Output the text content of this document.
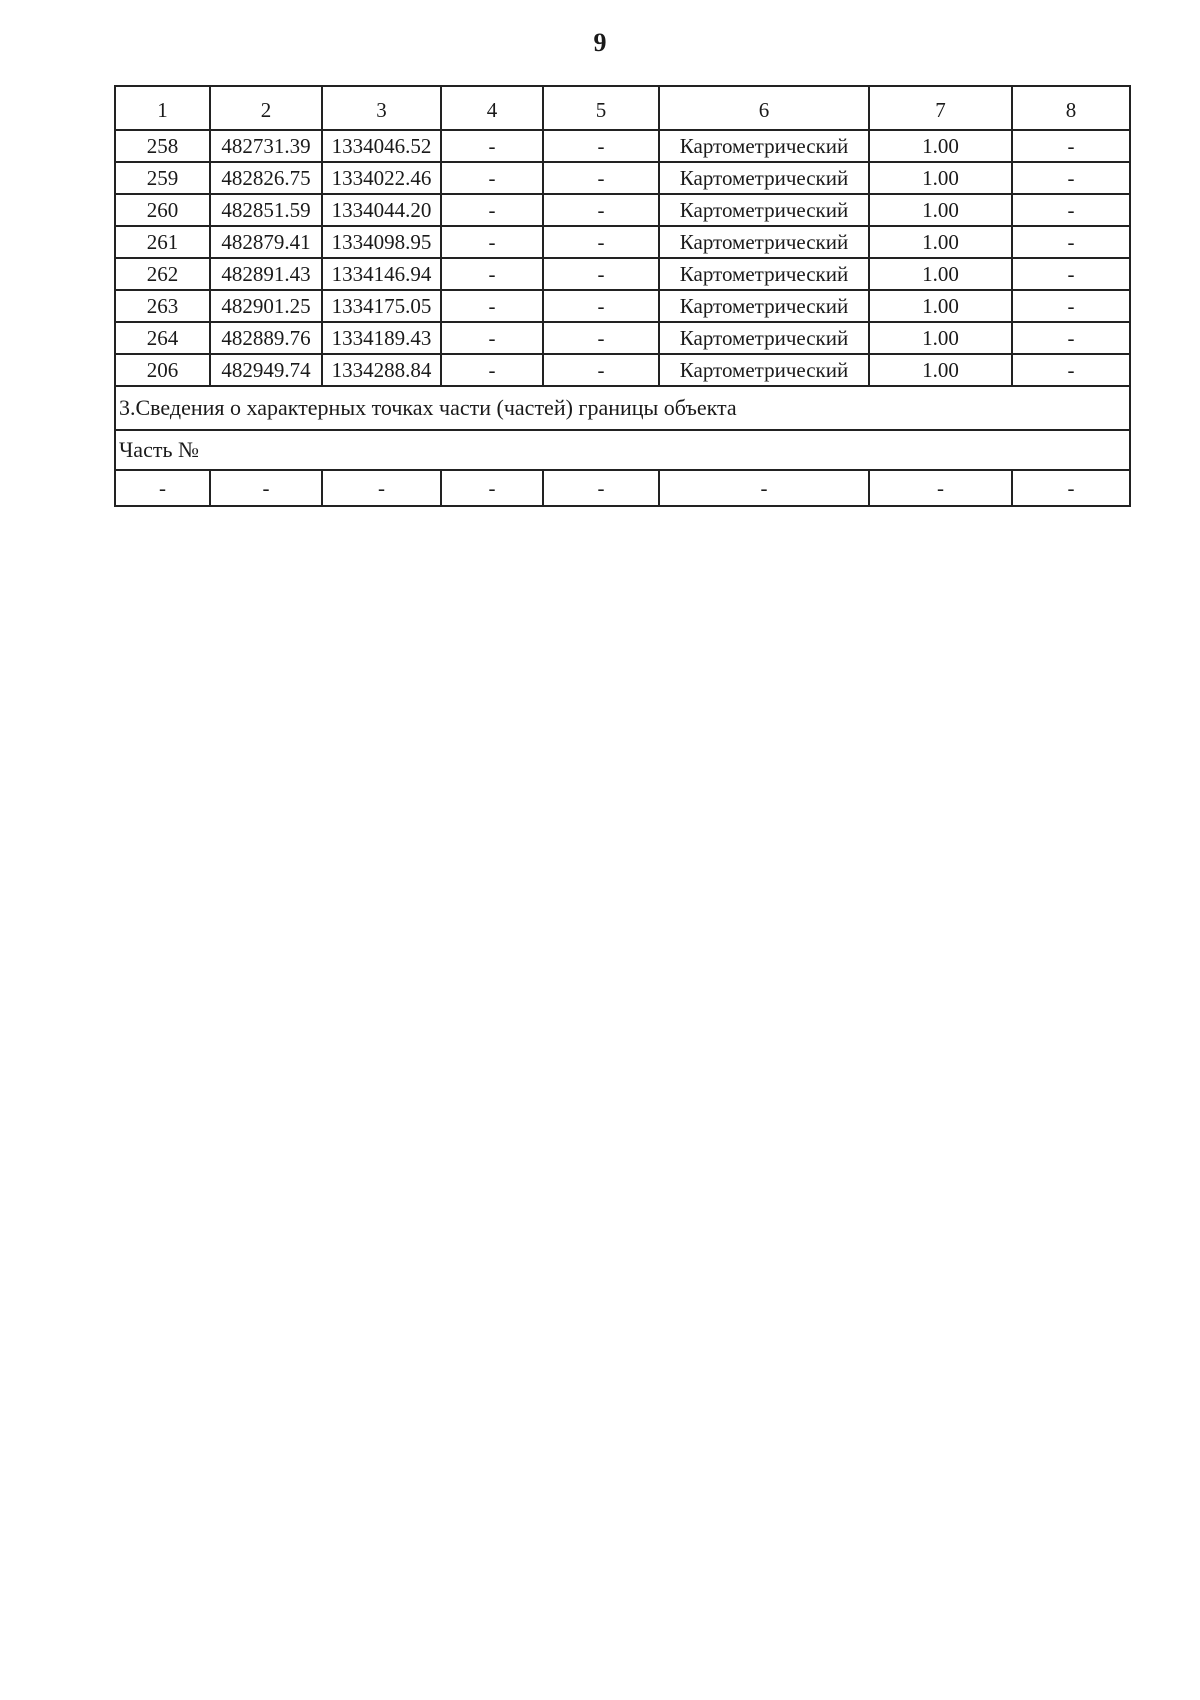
9
1	2	3	4	5	6	7	8
258	482731.39	1334046.52	-	-	Картометрический	1.00	-
259	482826.75	1334022.46	-	-	Картометрический	1.00	-
260	482851.59	1334044.20	-	-	Картометрический	1.00	-
261	482879.41	1334098.95	-	-	Картометрический	1.00	-
262	482891.43	1334146.94	-	-	Картометрический	1.00	-
263	482901.25	1334175.05	-	-	Картометрический	1.00	-
264	482889.76	1334189.43	-	-	Картометрический	1.00	-
206	482949.74	1334288.84	-	-	Картометрический	1.00	-
3.Сведения о характерных точках части (частей) границы объекта							
Часть №							
-	-	-	-	-	-	-	-
